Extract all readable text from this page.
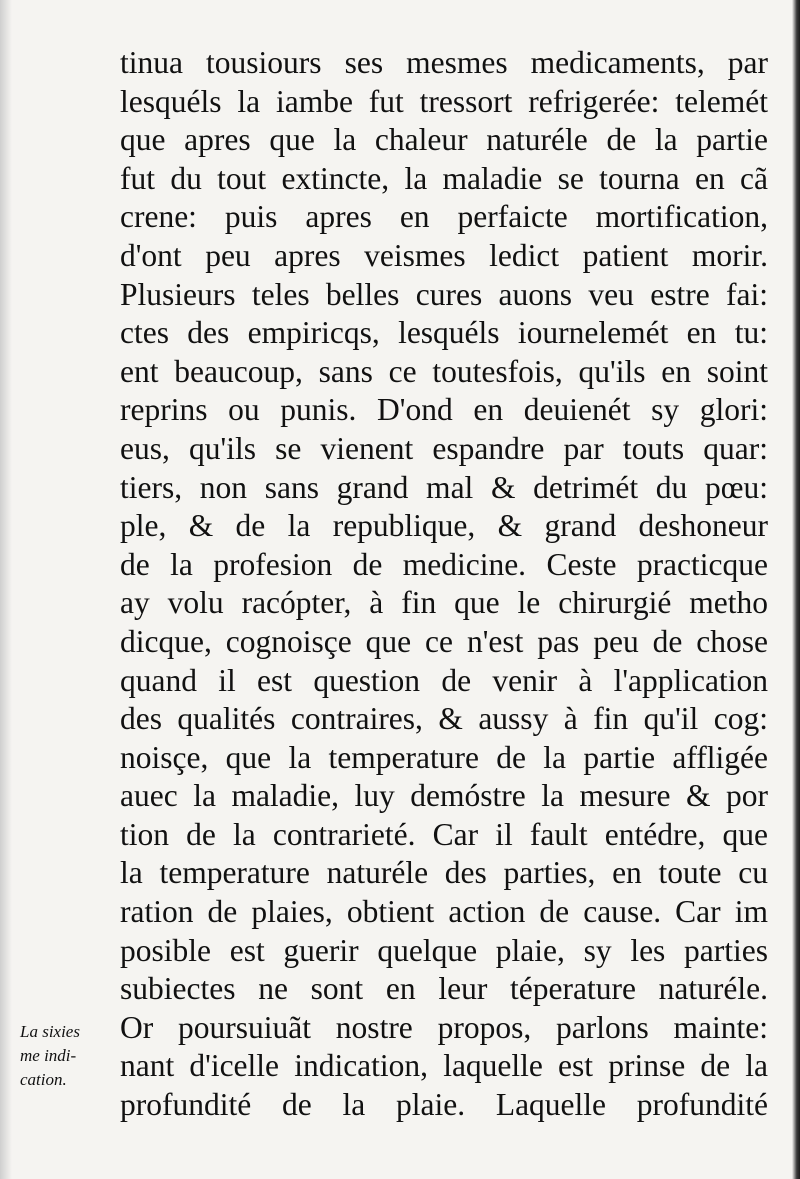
tinua tousiours ses mesmes medicaments, par
lesquéls la iambe fut tressort refrigerée: telemét
que apres que la chaleur naturéle de la partie
fut du tout extincte, la maladie se tourna en cã
crene: puis apres en perfaicte mortification,
d'ont peu apres veismes ledict patient morir.
Plusieurs teles belles cures auons veu estre fai:
ctes des empiricqs, lesquéls iournelemét en tu:
ent beaucoup, sans ce toutesfois, qu'ils en soint
reprins ou punis. D'ond en deuienét sy glori:
eus, qu'ils se vienent espandre par touts quar:
tiers, non sans grand mal & detrimét du pœu:
ple, & de la republique, & grand deshoneur
de la profesion de medicine. Ceste practicque
ay volu racópter, à fin que le chirurgié metho
dicque, cognoisçe que ce n'est pas peu de chose
quand il est question de venir à l'application
des qualités contraires, & aussy à fin qu'il cog:
noisçe, que la temperature de la partie affligée
auec la maladie, luy demóstre la mesure & por
tion de la contrarieté. Car il fault entédre, que
la temperature naturéle des parties, en toute cu
ration de plaies, obtient action de cause. Car im
posible est guerir quelque plaie, sy les parties
subiectes ne sont en leur téperature naturéle.
Or poursuiuãt nostre propos, parlons mainte:
nant d'icelle indication, laquelle est prinse de la
profundité de la plaie. Laquelle profundité
La sixies
me indi-
cation.
